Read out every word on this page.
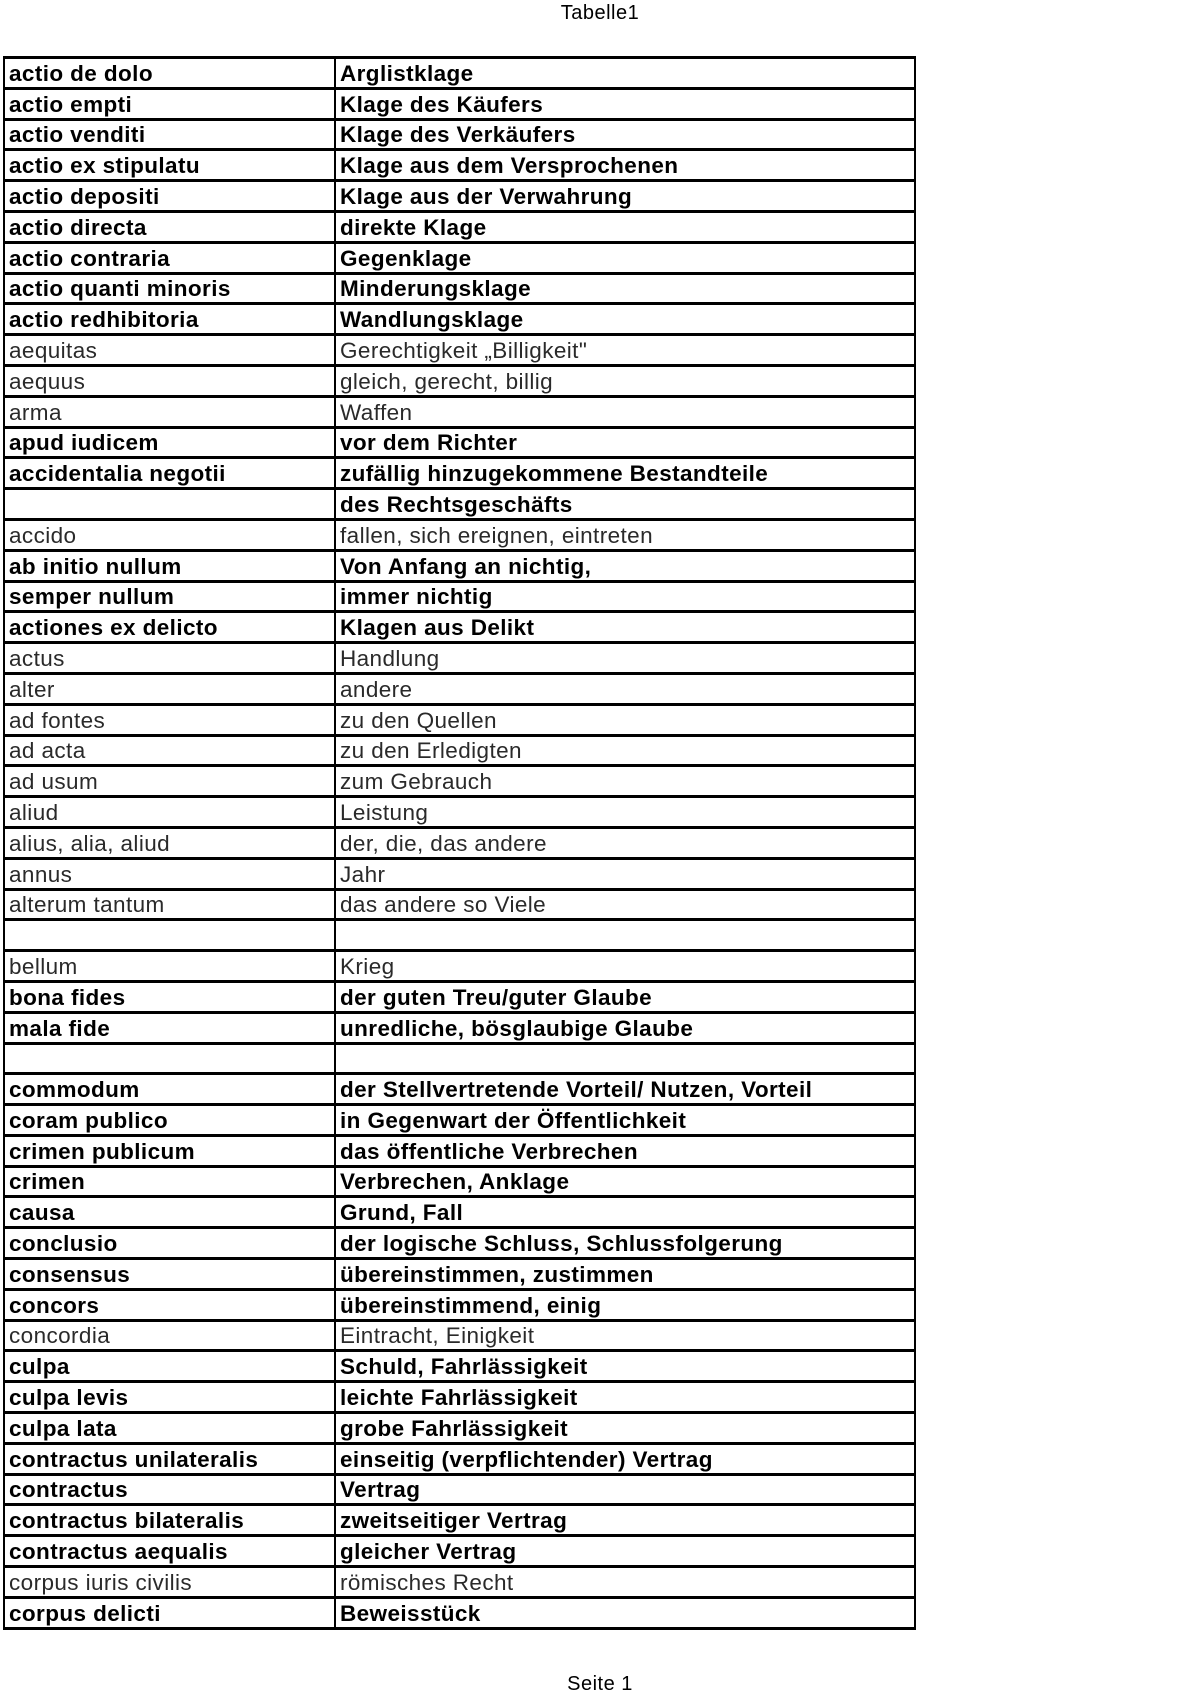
Tabelle1
actio de dolo	Arglistklage
actio empti	Klage des Käufers
actio venditi	Klage des Verkäufers
actio ex stipulatu	Klage aus dem Versprochenen
actio depositi	Klage aus der Verwahrung
actio directa	direkte Klage
actio contraria	Gegenklage
actio quanti minoris	Minderungsklage
actio redhibitoria	Wandlungsklage
aequitas	Gerechtigkeit „Billigkeit"
aequus	gleich, gerecht, billig
arma	Waffen
apud iudicem	vor dem Richter
accidentalia negotii	zufällig hinzugekommene Bestandteile
	des Rechtsgeschäfts
accido	fallen, sich ereignen, eintreten
ab initio nullum	Von Anfang an nichtig,
semper nullum	immer nichtig
actiones ex delicto	Klagen aus Delikt
actus	Handlung
alter	andere
ad fontes	zu den Quellen
ad acta	zu den Erledigten
ad usum	zum Gebrauch
aliud	Leistung
alius, alia, aliud	der, die, das andere
annus	Jahr
alterum tantum	das andere so Viele

bellum	Krieg
bona fides	der guten Treu/guter Glaube
mala fide	unredliche, bösglaubige Glaube

commodum	der Stellvertretende Vorteil/ Nutzen, Vorteil
coram publico	in Gegenwart der Öffentlichkeit
crimen publicum	das öffentliche Verbrechen
crimen	Verbrechen, Anklage
causa	Grund, Fall
conclusio	der logische Schluss, Schlussfolgerung
consensus	übereinstimmen, zustimmen
concors	übereinstimmend, einig
concordia	Eintracht, Einigkeit
culpa	Schuld, Fahrlässigkeit
culpa levis	leichte Fahrlässigkeit
culpa lata	grobe Fahrlässigkeit
contractus unilateralis	einseitig (verpflichtender) Vertrag
contractus	Vertrag
contractus bilateralis	zweitseitiger Vertrag
contractus aequalis	gleicher Vertrag
corpus iuris civilis	römisches Recht
corpus delicti	Beweisstück
Seite 1
